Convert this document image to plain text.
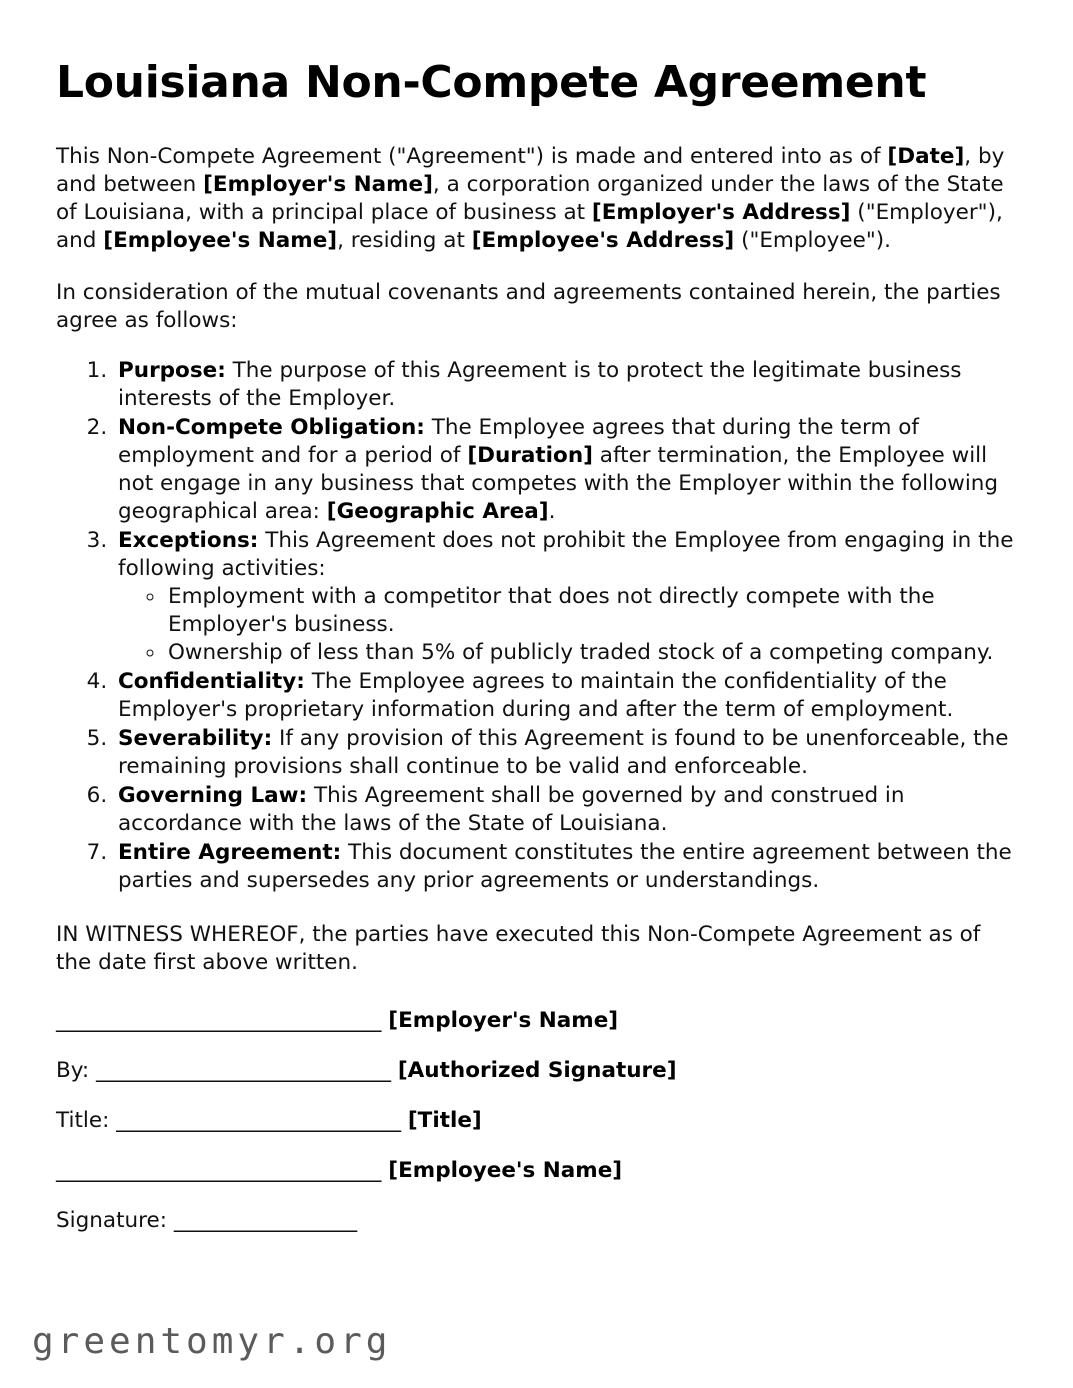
Louisiana Non-Compete Agreement

This Non-Compete Agreement ("Agreement") is made and entered into as of [Date], by and between [Employer's Name], a corporation organized under the laws of the State of Louisiana, with a principal place of business at [Employer's Address] ("Employer"), and [Employee's Name], residing at [Employee's Address] ("Employee").

In consideration of the mutual covenants and agreements contained herein, the parties agree as follows:

1. Purpose: The purpose of this Agreement is to protect the legitimate business interests of the Employer.
2. Non-Compete Obligation: The Employee agrees that during the term of employment and for a period of [Duration] after termination, the Employee will not engage in any business that competes with the Employer within the following geographical area: [Geographic Area].
3. Exceptions: This Agreement does not prohibit the Employee from engaging in the following activities:
◦ Employment with a competitor that does not directly compete with the Employer's business.
◦ Ownership of less than 5% of publicly traded stock of a competing company.
4. Confidentiality: The Employee agrees to maintain the confidentiality of the Employer's proprietary information during and after the term of employment.
5. Severability: If any provision of this Agreement is found to be unenforceable, the remaining provisions shall continue to be valid and enforceable.
6. Governing Law: This Agreement shall be governed by and construed in accordance with the laws of the State of Louisiana.
7. Entire Agreement: This document constitutes the entire agreement between the parties and supersedes any prior agreements or understandings.

IN WITNESS WHEREOF, the parties have executed this Non-Compete Agreement as of the date first above written.

________________________________ [Employer's Name]
By: _____________________________ [Authorized Signature]
Title: ____________________________ [Title]
________________________________ [Employee's Name]
Signature: __________________
greentomyr.org
